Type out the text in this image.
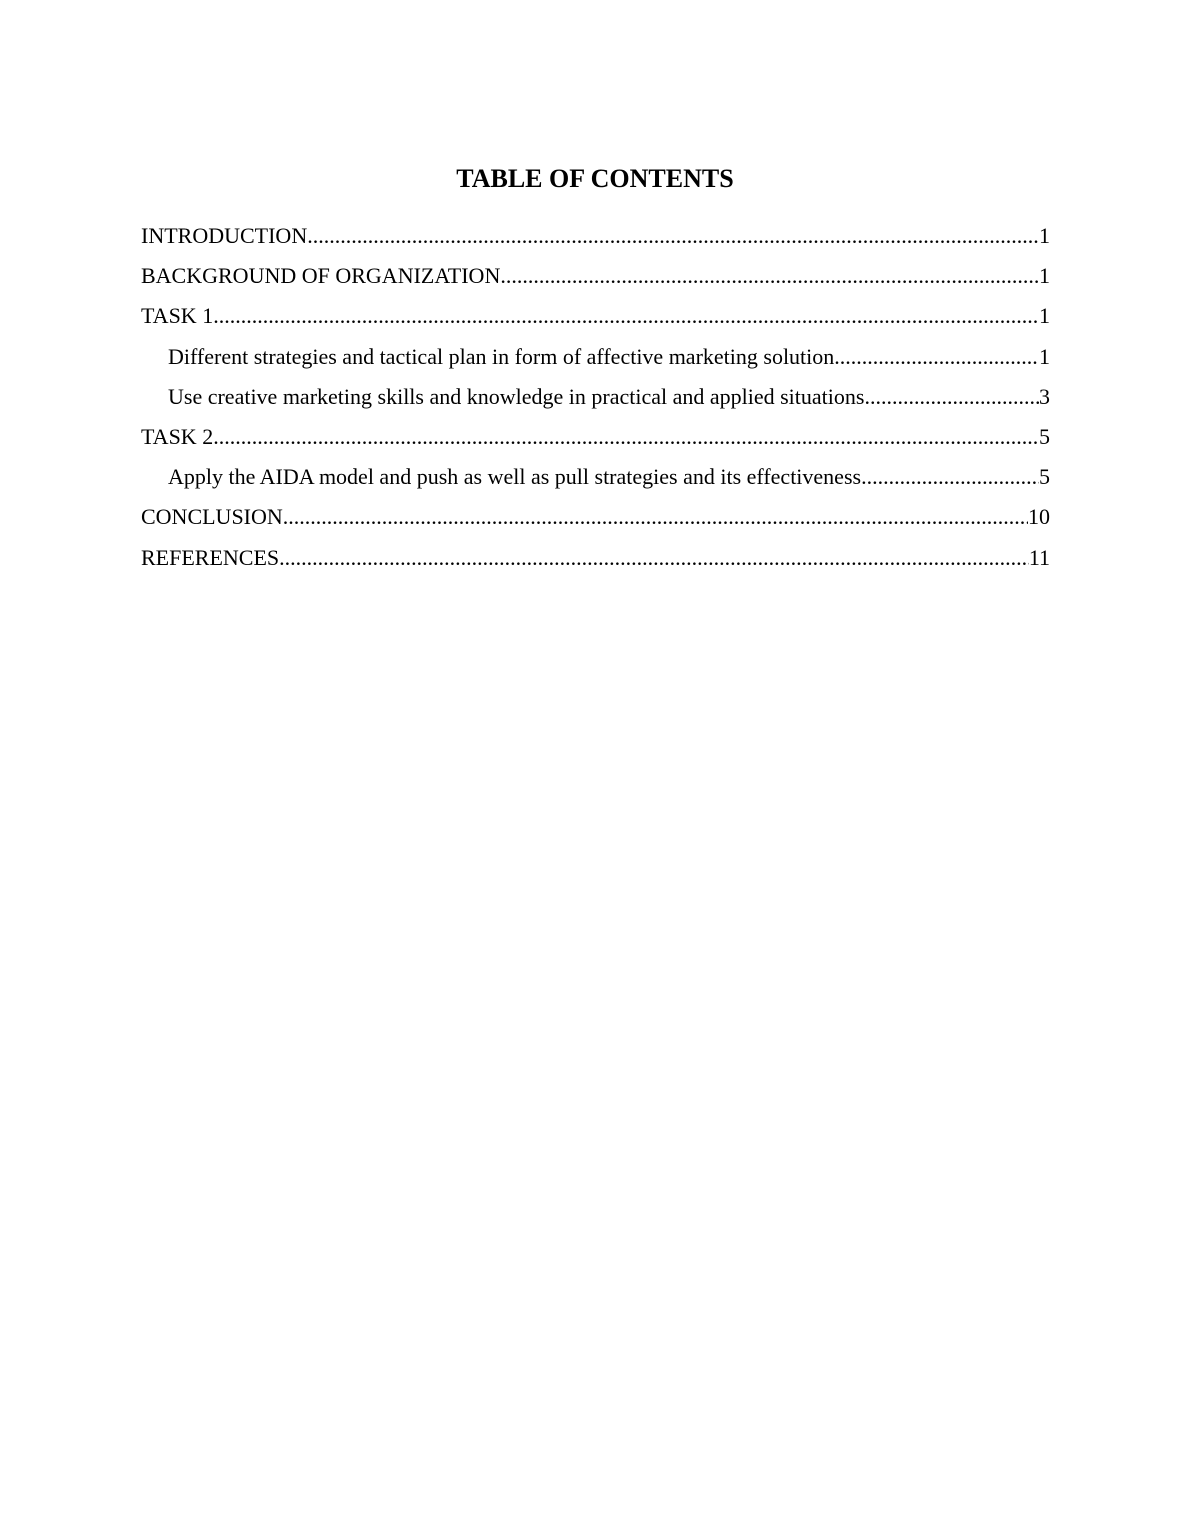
TABLE OF CONTENTS
INTRODUCTION .....	1
BACKGROUND OF ORGANIZATION .....	1
TASK 1 .....	1
Different strategies and tactical plan in form of affective marketing solution .....	1
Use creative marketing skills and knowledge in practical and applied situations .....	3
TASK 2 .....	5
Apply the AIDA model and push as well as pull strategies and its effectiveness .....	5
CONCLUSION .....	10
REFERENCES .....	11
